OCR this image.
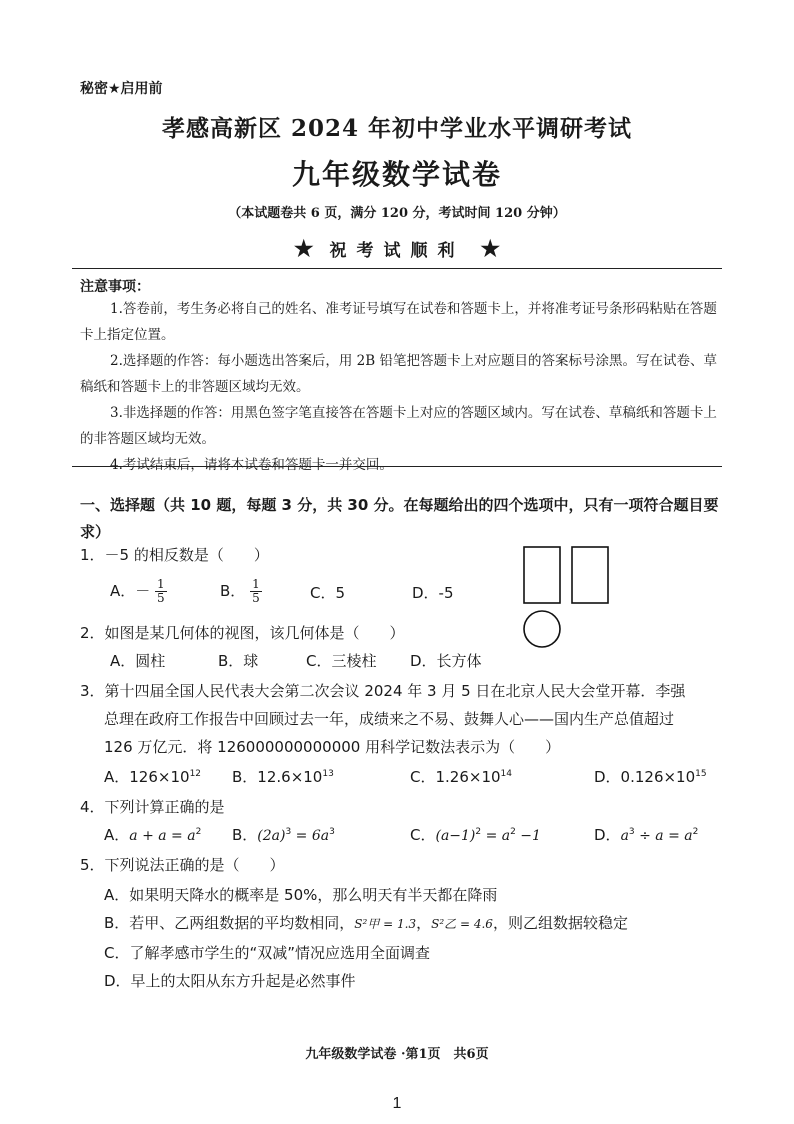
秘密★启用前
孝感高新区 2024 年初中学业水平调研考试
九年级数学试卷
（本试题卷共 6 页，满分 120 分，考试时间 120 分钟）
★ 祝考试顺利 ★
注意事项：

1.答卷前，考生务必将自己的姓名、准考证号填写在试卷和答题卡上，并将准考证号条形码粘贴在答题卡上指定位置。

2.选择题的作答：每小题选出答案后，用 2B 铅笔把答题卡上对应题目的答案标号涂黑。写在试卷、草稿纸和答题卡上的非答题区域均无效。

3.非选择题的作答：用黑色签字笔直接答在答题卡上对应的答题区域内。写在试卷、草稿纸和答题卡上的非答题区域均无效。

4.考试结束后，请将本试卷和答题卡一并交回。

一、选择题（共 10 题，每题 3 分，共 30 分。在每题给出的四个选项中，只有一项符合题目要求）
1．－5 的相反数是（　　）
A．－ $\frac{1}{5}$	B． $\frac{1}{5}$	C．5	D．-5
2．如图是某几何体的视图，该几何体是（　　）
A．圆柱	B．球	C．三棱柱 D．长方体
3．第十四届全国人民代表大会第二次会议 2024 年 3 月 5 日在北京人民大会堂开幕．李强
总理在政府工作报告中回顾过去一年，成绩来之不易、鼓舞人心——国内生产总值超过
126 万亿元．将 126000000000000 用科学记数法表示为（　　）
A．$126\times 10^{12}$ B．$12.6\times 10^{13}$	C．$1.26\times 10^{14}$	D．$0.126\times 10^{15}$
4．下列计算正确的是
A．$a + a = a^2$ B．$(2a)^3 = 6a^3$	C．$(a-1)^2 = a^2 -1$	D．$a^3 \div a = a^2$
5．下列说法正确的是（　　）
A．如果明天降水的概率是 50%，那么明天有半天都在降雨
B．若甲、乙两组数据的平均数相同，S²甲 = 1.3，S²乙 = 4.6，则乙组数据较稳定
C．了解孝感市学生的“双减”情况应选用全面调查
D．早上的太阳从东方升起是必然事件
九年级数学试卷 ·第1页　共6页
1
